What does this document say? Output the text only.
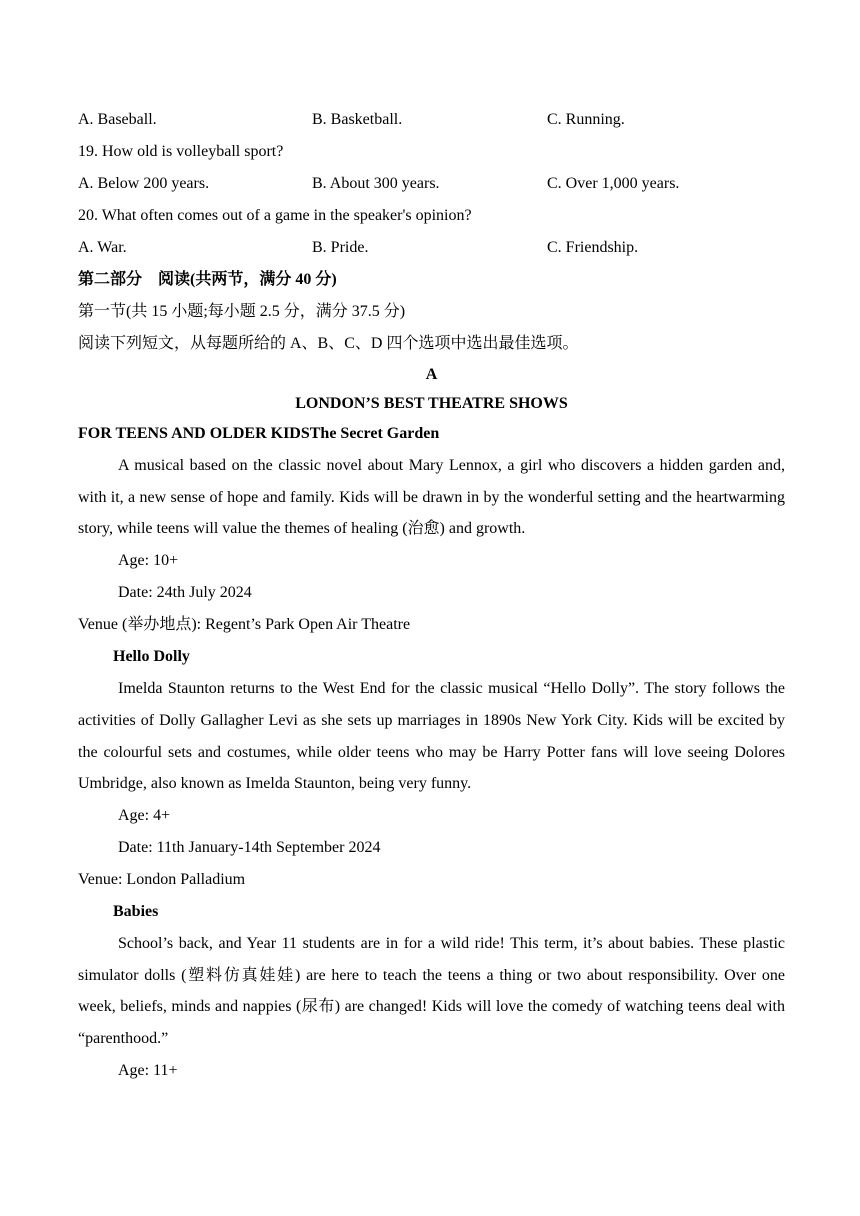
A. Baseball.	B. Basketball.	C. Running.
19. How old is volleyball sport?
A. Below 200 years.	B. About 300 years.	C. Over 1,000 years.
20. What often comes out of a game in the speaker's opinion?
A. War.	B. Pride.	C. Friendship.
第二部分　阅读(共两节，满分 40 分)
第一节(共 15 小题;每小题 2.5 分，满分 37.5 分)
阅读下列短文，从每题所给的 A、B、C、D 四个选项中选出最佳选项。
A
LONDON’S BEST THEATRE SHOWS
FOR TEENS AND OLDER KIDSThe Secret Garden

A musical based on the classic novel about Mary Lennox, a girl who discovers a hidden garden and, with it, a new sense of hope and family. Kids will be drawn in by the wonderful setting and the heartwarming story, while teens will value the themes of healing (治愈) and growth.

Age: 10+
Date: 24th July 2024
Venue (举办地点): Regent’s Park Open Air Theatre
Hello Dolly

Imelda Staunton returns to the West End for the classic musical “Hello Dolly”. The story follows the activities of Dolly Gallagher Levi as she sets up marriages in 1890s New York City. Kids will be excited by the colourful sets and costumes, while older teens who may be Harry Potter fans will love seeing Dolores Umbridge, also known as Imelda Staunton, being very funny.

Age: 4+
Date: 11th January-14th September 2024
Venue: London Palladium
Babies

School’s back, and Year 11 students are in for a wild ride! This term, it’s about babies. These plastic simulator dolls (塑料仿真娃娃) are here to teach the teens a thing or two about responsibility. Over one week, beliefs, minds and nappies (尿布) are changed! Kids will love the comedy of watching teens deal with “parenthood.”

Age: 11+
